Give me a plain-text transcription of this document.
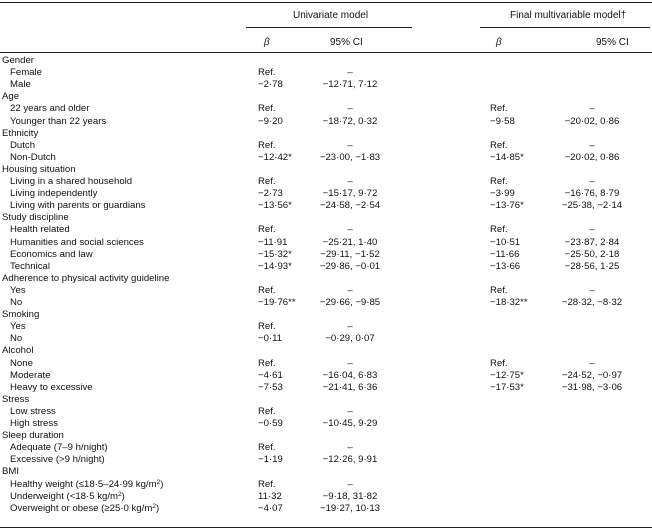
Univariate model	Final multivariable model†
β	95% CI	β	95% CI
Gender
Female	Ref.	–
Male	−2·78	−12·71, 7·12
Age
22 years and older	Ref.	–	Ref.	–
Younger than 22 years	−9·20	−18·72, 0·32	−9·58	−20·02, 0·86
Ethnicity
Dutch	Ref.	–	Ref.	–
Non-Dutch	−12·42*	−23·00, −1·83	−14·85*	−20·02, 0·86
Housing situation
Living in a shared household	Ref.	–	Ref.	–
Living independently	−2·73	−15·17, 9·72	−3·99	−16·76, 8·79
Living with parents or guardians	−13·56*	−24·58, −2·54	−13·76*	−25·38, −2·14
Study discipline
Health related	Ref.	–	Ref.	–
Humanities and social sciences	−11·91	−25·21, 1·40	−10·51	−23·87, 2·84
Economics and law	−15·32*	−29·11, −1·52	−11·66	−25·50, 2·18
Technical	−14·93*	−29·86, −0·01	−13·66	−28·56, 1·25
Adherence to physical activity guideline
Yes	Ref.	–	Ref.	–
No	−19·76**	−29·66, −9·85	−18·32**	−28·32, −8·32
Smoking
Yes	Ref.	–
No	−0·11	−0·29, 0·07
Alcohol
None	Ref.	–	Ref.	–
Moderate	−4·61	−16·04, 6·83	−12·75*	−24·52, −0·97
Heavy to excessive	−7·53	−21·41, 6·36	−17·53*	−31·98, −3·06
Stress
Low stress	Ref.	–
High stress	−0·59	−10·45, 9·29
Sleep duration
Adequate (7–9 h/night)	Ref.	–
Excessive (>9 h/night)	−1·19	−12·26, 9·91
BMI
Healthy weight (≤18·5–24·99 $kg/m^2$)	Ref.	–
Underweight (<18·5 $kg/m^2$)	11·32	−9·18, 31·82
Overweight or obese (≥25·0 $kg/m^2$)	−4·07	−19·27, 10·13
